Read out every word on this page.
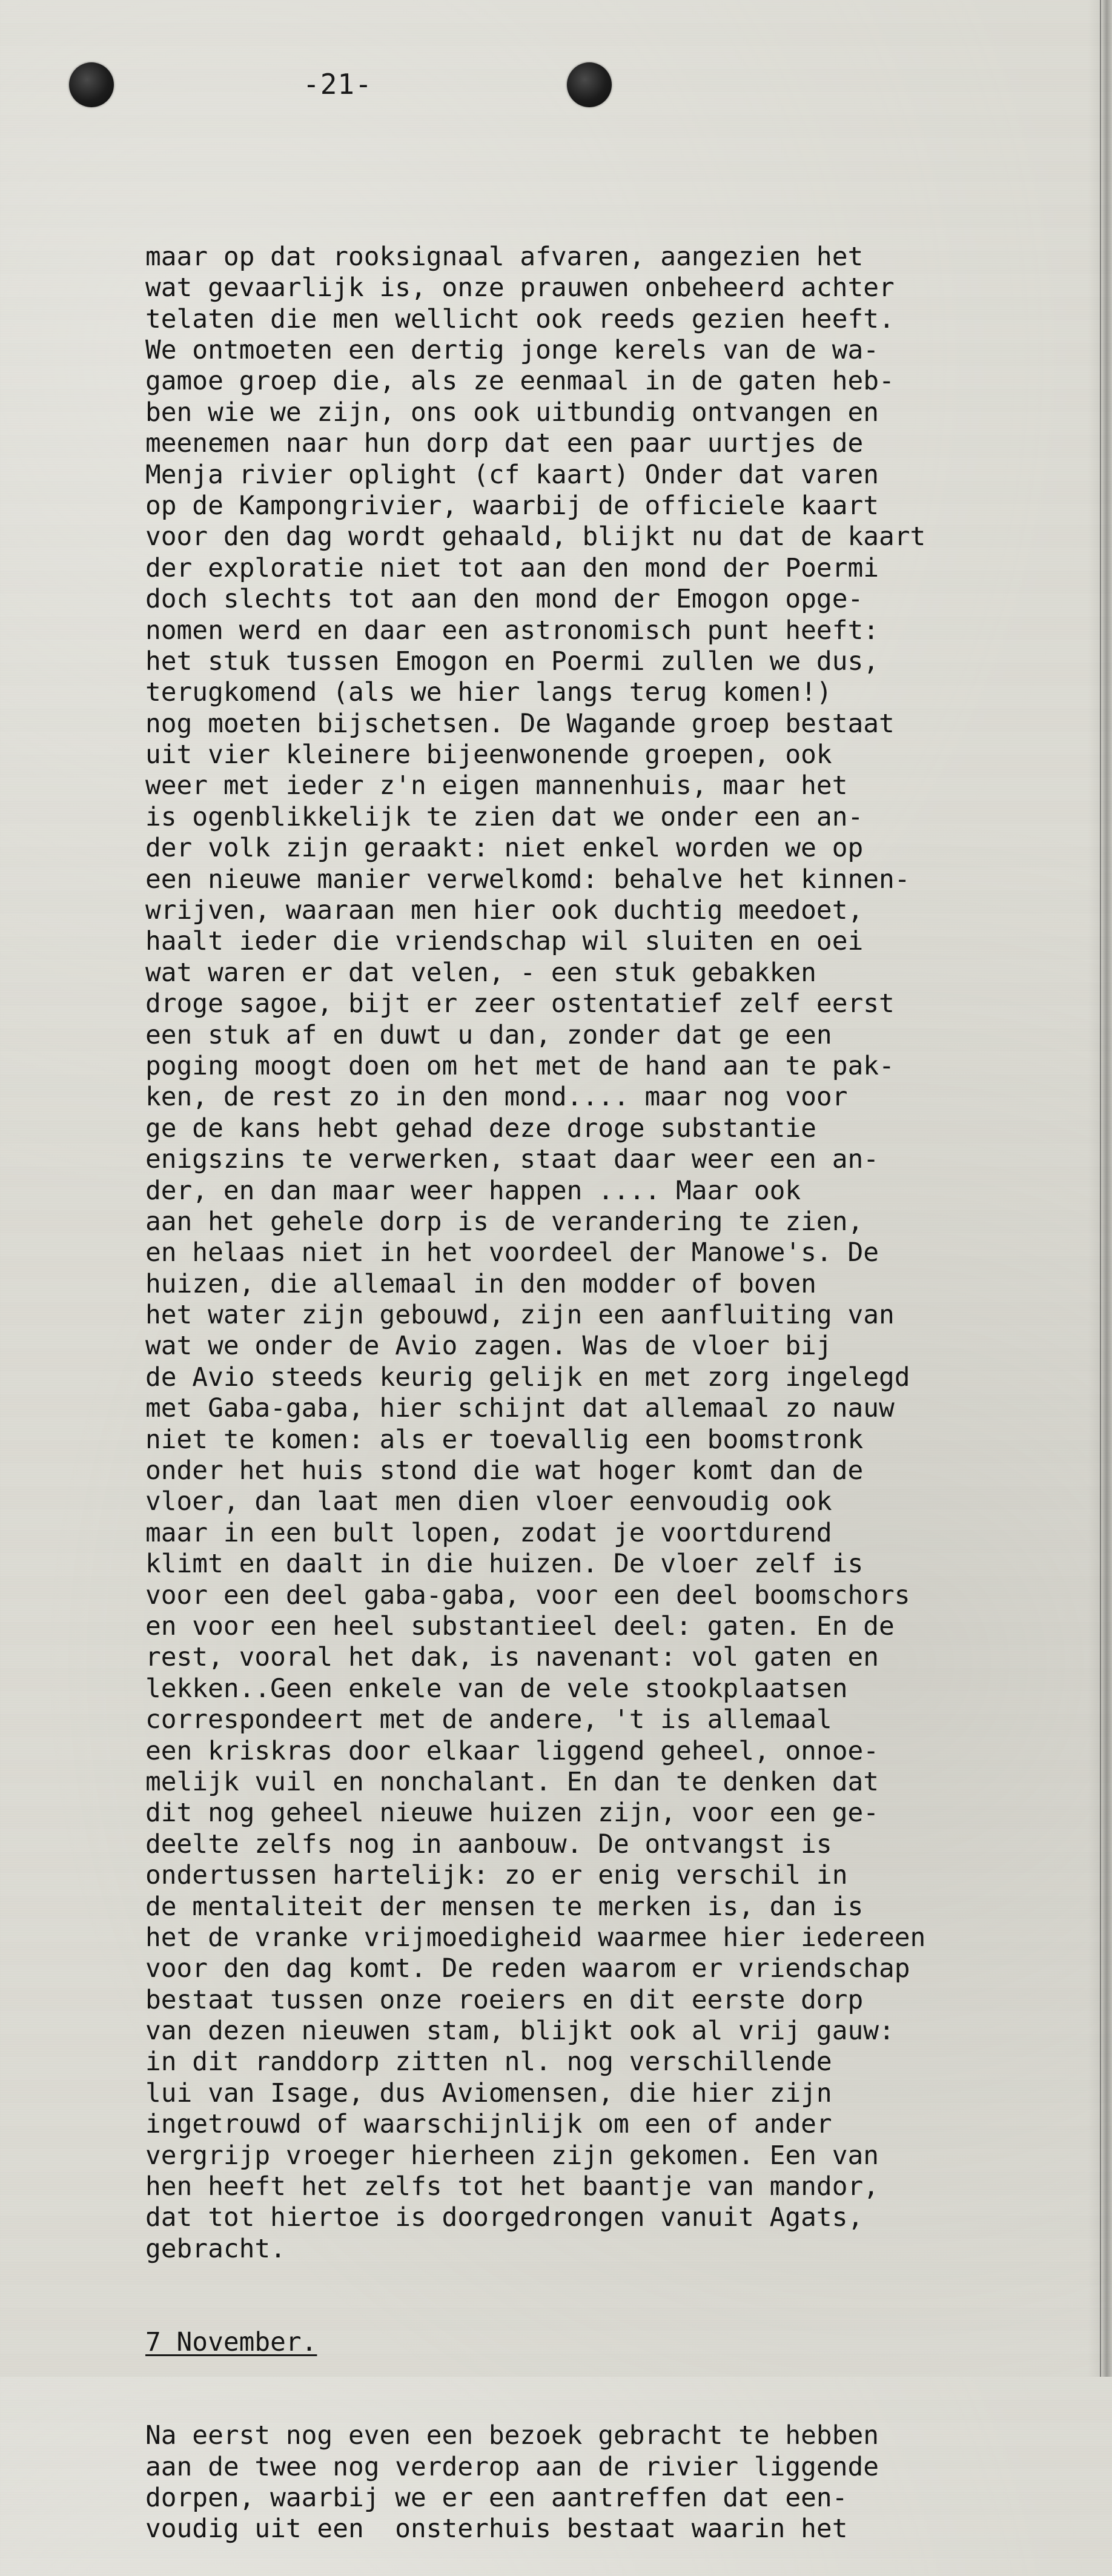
-21-

maar op dat rooksignaal afvaren, aangezien het
wat gevaarlijk is, onze prauwen onbeheerd achter
telaten die men wellicht ook reeds gezien heeft.
We ontmoeten een dertig jonge kerels van de wa-
gamoe groep die, als ze eenmaal in de gaten heb-
ben wie we zijn, ons ook uitbundig ontvangen en
meenemen naar hun dorp dat een paar uurtjes de
Menja rivier oplight (cf kaart) Onder dat varen
op de Kampongrivier, waarbij de officiele kaart
voor den dag wordt gehaald, blijkt nu dat de kaart
der exploratie niet tot aan den mond der Poermi
doch slechts tot aan den mond der Emogon opge-
nomen werd en daar een astronomisch punt heeft:
het stuk tussen Emogon en Poermi zullen we dus,
terugkomend (als we hier langs terug komen!)
nog moeten bijschetsen. De Wagande groep bestaat
uit vier kleinere bijeenwonende groepen, ook
weer met ieder z'n eigen mannenhuis, maar het
is ogenblikkelijk te zien dat we onder een an-
der volk zijn geraakt: niet enkel worden we op
een nieuwe manier verwelkomd: behalve het kinnen-
wrijven, waaraan men hier ook duchtig meedoet,
haalt ieder die vriendschap wil sluiten en oei
wat waren er dat velen, - een stuk gebakken
droge sagoe, bijt er zeer ostentatief zelf eerst
een stuk af en duwt u dan, zonder dat ge een
poging moogt doen om het met de hand aan te pak-
ken, de rest zo in den mond.... maar nog voor
ge de kans hebt gehad deze droge substantie
enigszins te verwerken, staat daar weer een an-
der, en dan maar weer happen .... Maar ook
aan het gehele dorp is de verandering te zien,
en helaas niet in het voordeel der Manowe's. De
huizen, die allemaal in den modder of boven
het water zijn gebouwd, zijn een aanfluiting van
wat we onder de Avio zagen. Was de vloer bij
de Avio steeds keurig gelijk en met zorg ingelegd
met Gaba-gaba, hier schijnt dat allemaal zo nauw
niet te komen: als er toevallig een boomstronk
onder het huis stond die wat hoger komt dan de
vloer, dan laat men dien vloer eenvoudig ook
maar in een bult lopen, zodat je voortdurend
klimt en daalt in die huizen. De vloer zelf is
voor een deel gaba-gaba, voor een deel boomschors
en voor een heel substantieel deel: gaten. En de
rest, vooral het dak, is navenant: vol gaten en
lekken..Geen enkele van de vele stookplaatsen
correspondeert met de andere, 't is allemaal
een kriskras door elkaar liggend geheel, onnoe-
melijk vuil en nonchalant. En dan te denken dat
dit nog geheel nieuwe huizen zijn, voor een ge-
deelte zelfs nog in aanbouw. De ontvangst is
ondertussen hartelijk: zo er enig verschil in
de mentaliteit der mensen te merken is, dan is
het de vranke vrijmoedigheid waarmee hier iedereen
voor den dag komt. De reden waarom er vriendschap
bestaat tussen onze roeiers en dit eerste dorp
van dezen nieuwen stam, blijkt ook al vrij gauw:
in dit randdorp zitten nl. nog verschillende
lui van Isage, dus Aviomensen, die hier zijn
ingetrouwd of waarschijnlijk om een of ander
vergrijp vroeger hierheen zijn gekomen. Een van
hen heeft het zelfs tot het baantje van mandor,
dat tot hiertoe is doorgedrongen vanuit Agats,
gebracht.

7 November.

Na eerst nog even een bezoek gebracht te hebben
aan de twee nog verderop aan de rivier liggende
dorpen, waarbij we er een aantreffen dat een-
voudig uit een  onsterhuis bestaat waarin het
